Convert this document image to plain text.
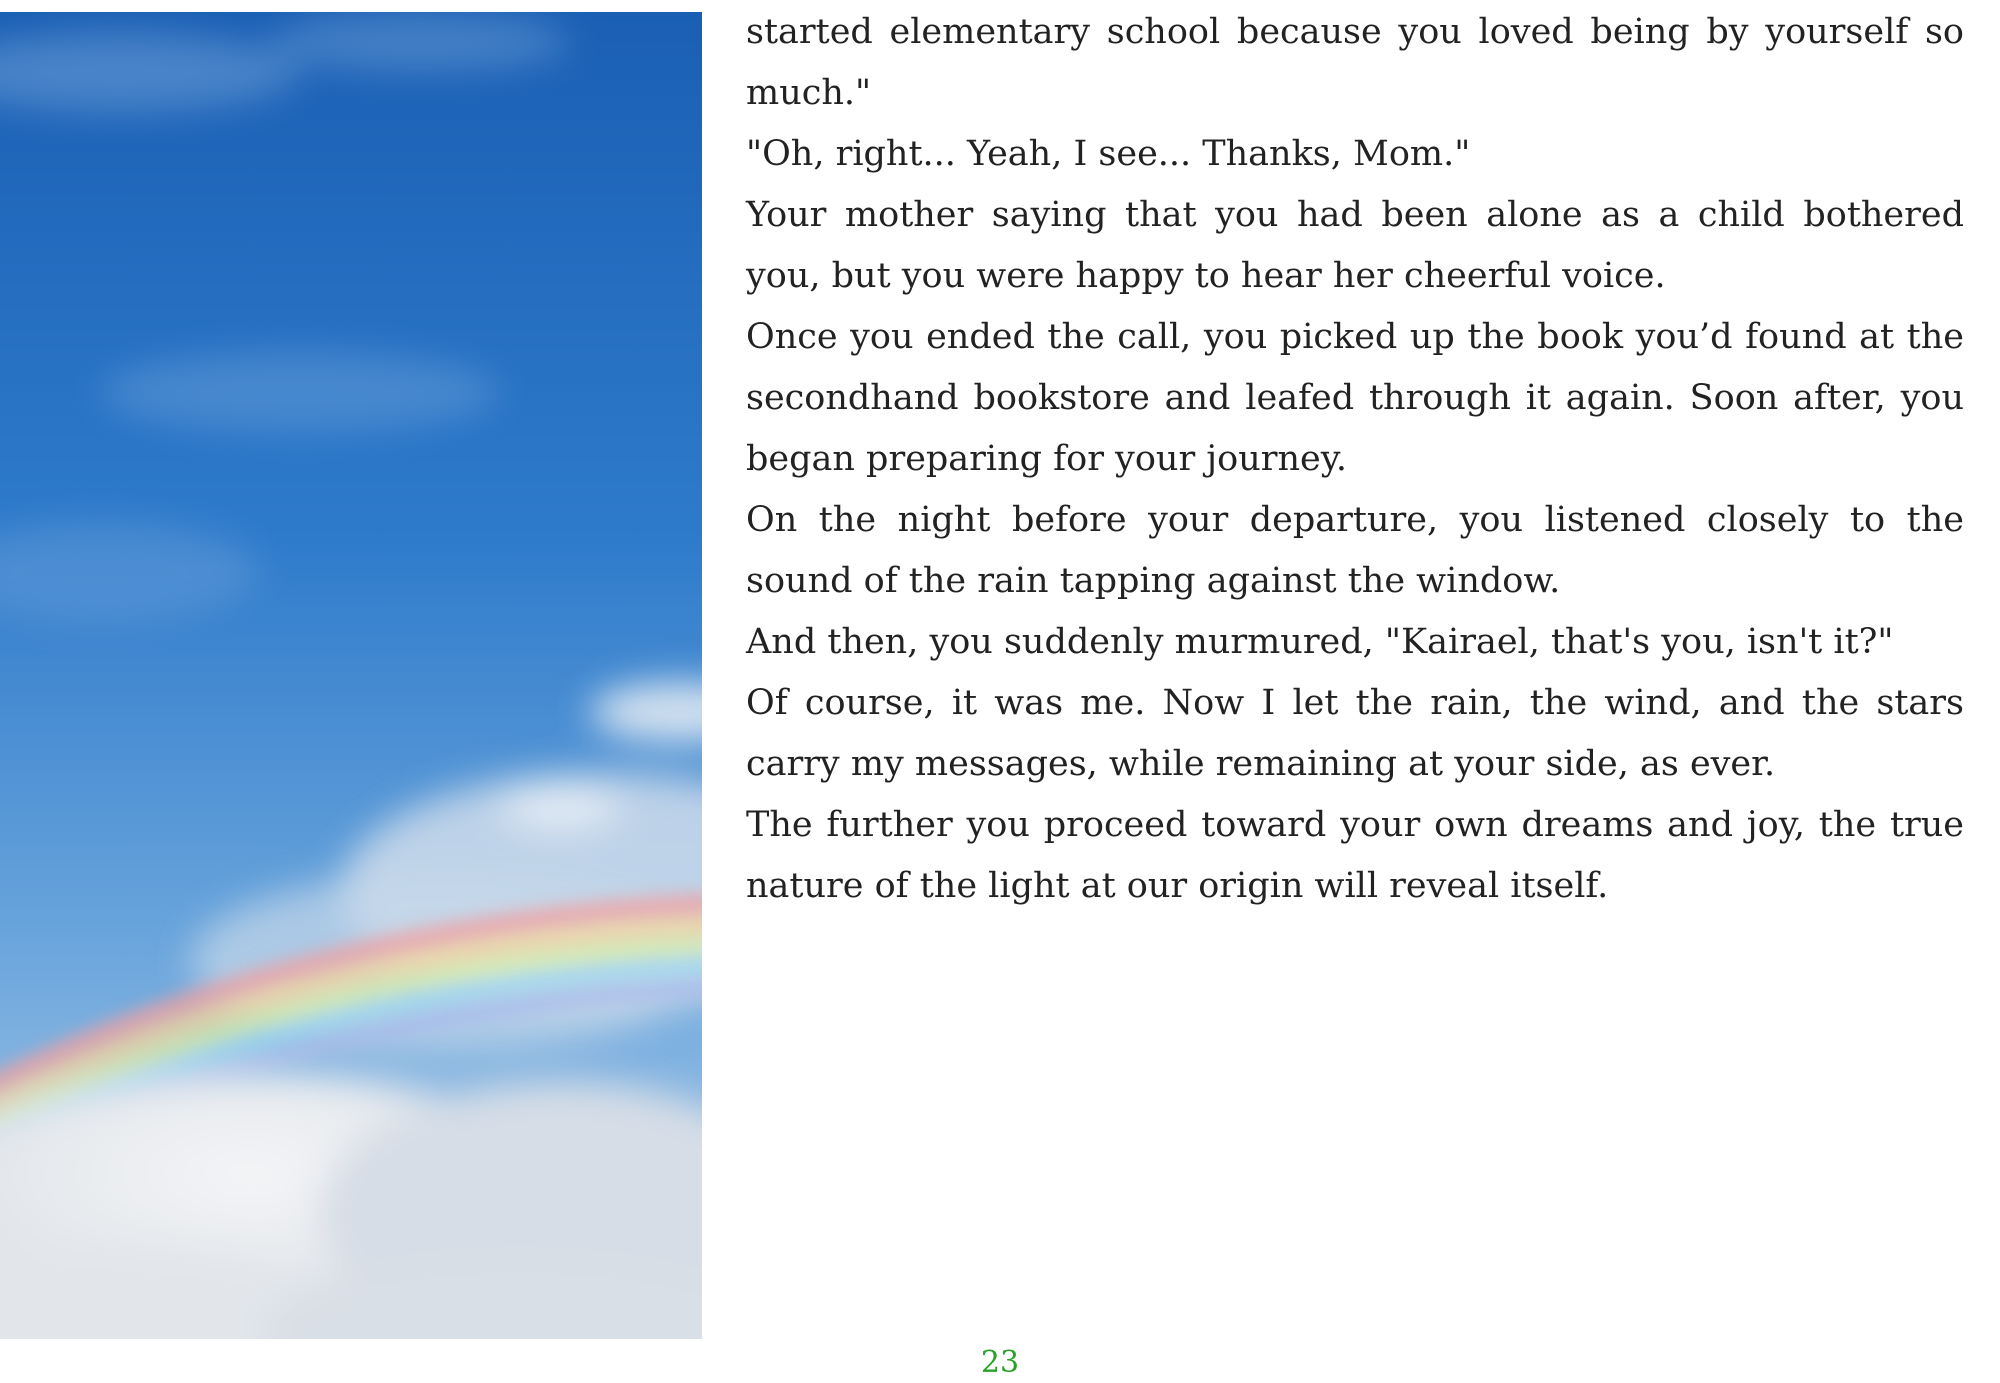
started elementary school because you loved being by yourself so much."

"Oh, right... Yeah, I see... Thanks, Mom."

Your mother saying that you had been alone as a child bothered you, but you were happy to hear her cheerful voice.

Once you ended the call, you picked up the book you’d found at the secondhand bookstore and leafed through it again. Soon after, you began preparing for your journey.

On the night before your departure, you listened closely to the sound of the rain tapping against the window.

And then, you suddenly murmured, "Kairael, that's you, isn't it?"

Of course, it was me. Now I let the rain, the wind, and the stars carry my messages, while remaining at your side, as ever.

The further you proceed toward your own dreams and joy, the true nature of the light at our origin will reveal itself.

23
